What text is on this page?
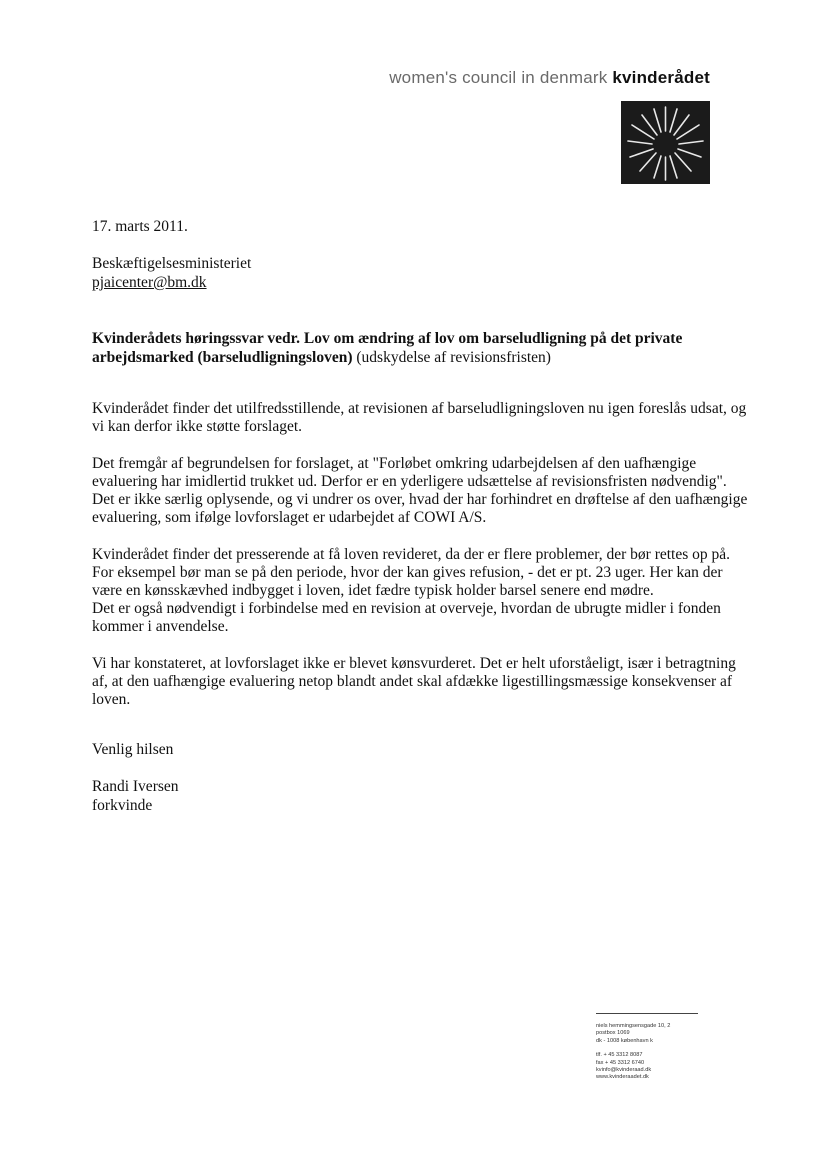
women's council in denmark kvinderådet
17. marts 2011.
Beskæftigelsesministeriet
pjaicenter@bm.dk
Kvinderådets høringssvar vedr. Lov om ændring af lov om barseludligning på det private arbejdsmarked (barseludligningsloven) (udskydelse af revisionsfristen)

Kvinderådet finder det utilfredsstillende, at revisionen af barseludligningsloven nu igen foreslås udsat, og vi kan derfor ikke støtte forslaget.

Det fremgår af begrundelsen for forslaget, at "Forløbet omkring udarbejdelsen af den uafhængige evaluering har imidlertid trukket ud. Derfor er en yderligere udsættelse af revisionsfristen nødvendig". Det er ikke særlig oplysende, og vi undrer os over, hvad der har forhindret en drøftelse af den uafhængige evaluering, som ifølge lovforslaget er udarbejdet af COWI A/S.

Kvinderådet finder det presserende at få loven revideret, da der er flere problemer, der bør rettes op på. For eksempel bør man se på den periode, hvor der kan gives refusion, - det er pt. 23 uger. Her kan der være en kønsskævhed indbygget i loven, idet fædre typisk holder barsel senere end mødre.

Det er også nødvendigt i forbindelse med en revision at overveje, hvordan de ubrugte midler i fonden kommer i anvendelse.

Vi har konstateret, at lovforslaget ikke er blevet kønsvurderet. Det er helt uforståeligt, især i betragtning af, at den uafhængige evaluering netop blandt andet skal afdække ligestillingsmæssige konsekvenser af loven.

Venlig hilsen
Randi Iversen
forkvinde
niels hemmingsensgade 10, 2
postbox 1069
dk - 1008 københavn k
tlf. + 45 3312 8087
fax + 45 3312 6740
kvinfo@kvinderaad.dk
www.kvinderaadet.dk
